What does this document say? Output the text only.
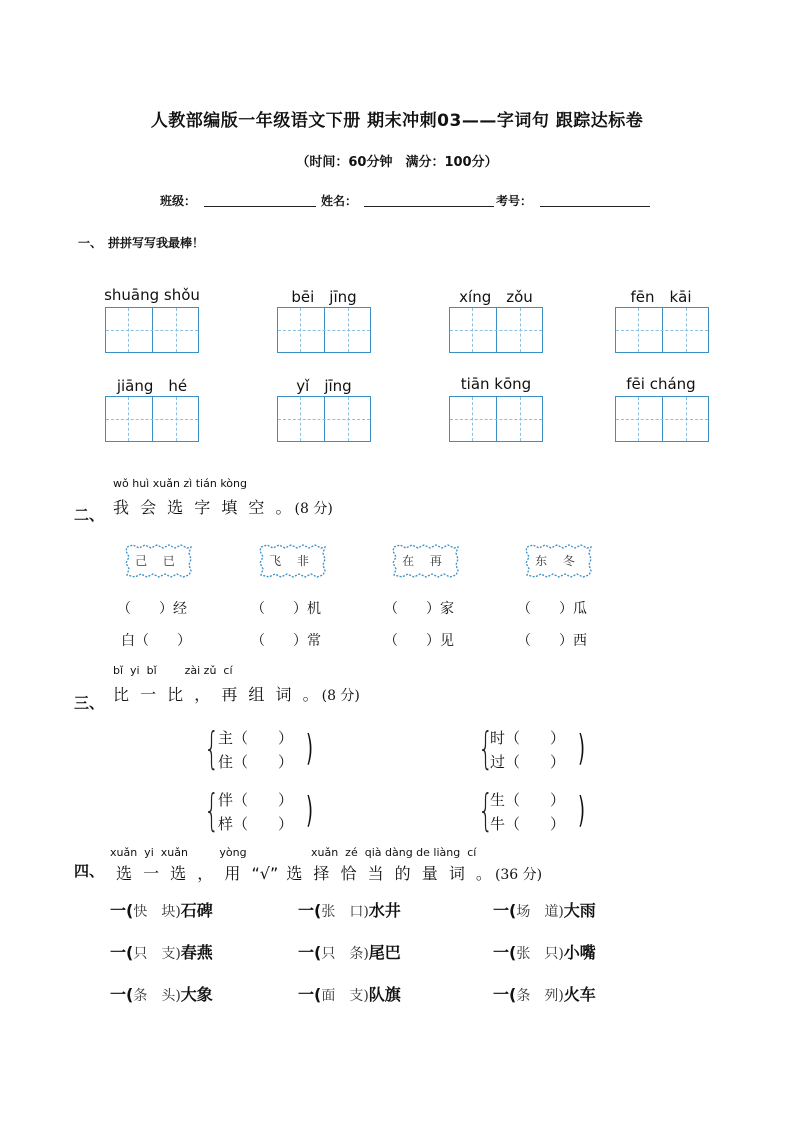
人教部编版一年级语文下册 期末冲刺03——字词句 跟踪达标卷
（时间：60分钟　满分：100分）
班级：	姓名：	考号：
一、　拼拼写写我最棒！
shuāng shǒu	bēi　jīng	xíng　zǒu	fēn　kāi
jiāng　hé	yǐ　jīng	tiān kōng	fēi cháng
wǒ huì xuǎn zì tián kòng
二、 我 会 选 字 填 空 。(8 分)
己 已	飞 非	在 再	东 冬
（　　）经	（　　）机	（　　）家	（　　）瓜
白（　　）	（　　）常	（　　）见	（　　）西
bǐ  yi  bǐ        zài zǔ  cí
三、 比 一 比 ， 再 组 词 。(8 分)
{
主（　　）
住（　　） )	{
时（　　）
过（　　） )
{
伴（　　）
样（　　） )	{
生（　　）
牛（　　） )
xuǎn  yi  xuǎn         yòng	xuǎn  zé  qià dàng de liàng  cí
四、 选 一 选 ， 用 “√” 选 择 恰 当 的 量 词 。(36 分)
一(快　块)石碑	一(张　口)水井	一(场　道)大雨
一(只　支)春燕	一(只　条)尾巴	一(张　只)小嘴
一(条　头)大象	一(面　支)队旗	一(条　列)火车
